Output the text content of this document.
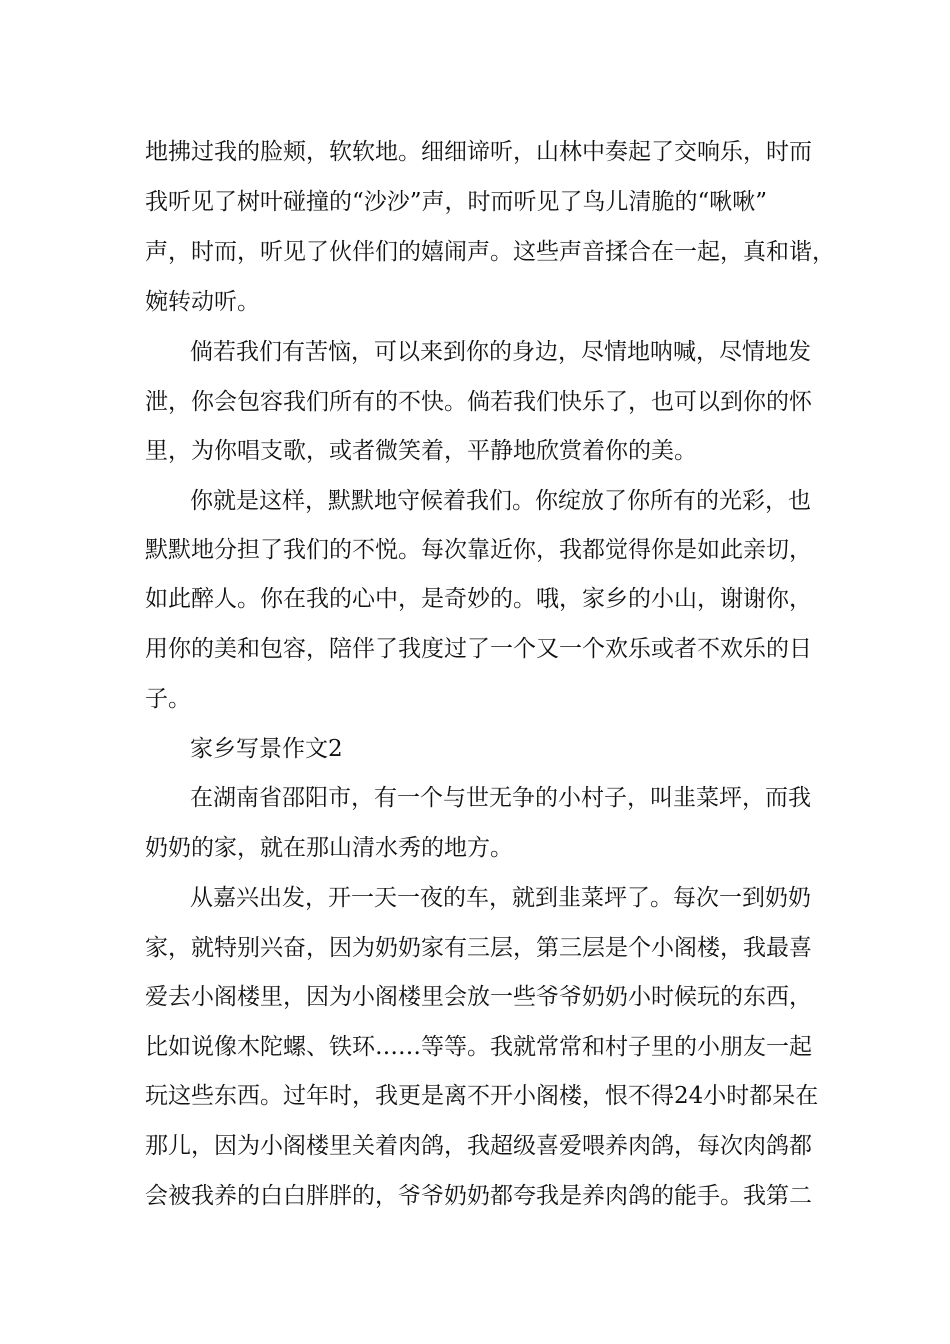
地拂过我的脸颊，软软地。细细谛听，山林中奏起了交响乐，时而
我听见了树叶碰撞的“沙沙”声，时而听见了鸟儿清脆的“啾啾”
声，时而，听见了伙伴们的嬉闹声。这些声音揉合在一起，真和谐，
婉转动听。
倘若我们有苦恼，可以来到你的身边，尽情地呐喊，尽情地发
泄，你会包容我们所有的不快。倘若我们快乐了，也可以到你的怀
里，为你唱支歌，或者微笑着，平静地欣赏着你的美。
你就是这样，默默地守候着我们。你绽放了你所有的光彩，也
默默地分担了我们的不悦。每次靠近你，我都觉得你是如此亲切，
如此醉人。你在我的心中，是奇妙的。哦，家乡的小山，谢谢你，
用你的美和包容，陪伴了我度过了一个又一个欢乐或者不欢乐的日
子。
家乡写景作文2
在湖南省邵阳市，有一个与世无争的小村子，叫韭菜坪，而我
奶奶的家，就在那山清水秀的地方。
从嘉兴出发，开一天一夜的车，就到韭菜坪了。每次一到奶奶
家，就特别兴奋，因为奶奶家有三层，第三层是个小阁楼，我最喜
爱去小阁楼里，因为小阁楼里会放一些爷爷奶奶小时候玩的东西，
比如说像木陀螺、铁环……等等。我就常常和村子里的小朋友一起
玩这些东西。过年时，我更是离不开小阁楼，恨不得24小时都呆在
那儿，因为小阁楼里关着肉鸽，我超级喜爱喂养肉鸽，每次肉鸽都
会被我养的白白胖胖的，爷爷奶奶都夸我是养肉鸽的能手。我第二
